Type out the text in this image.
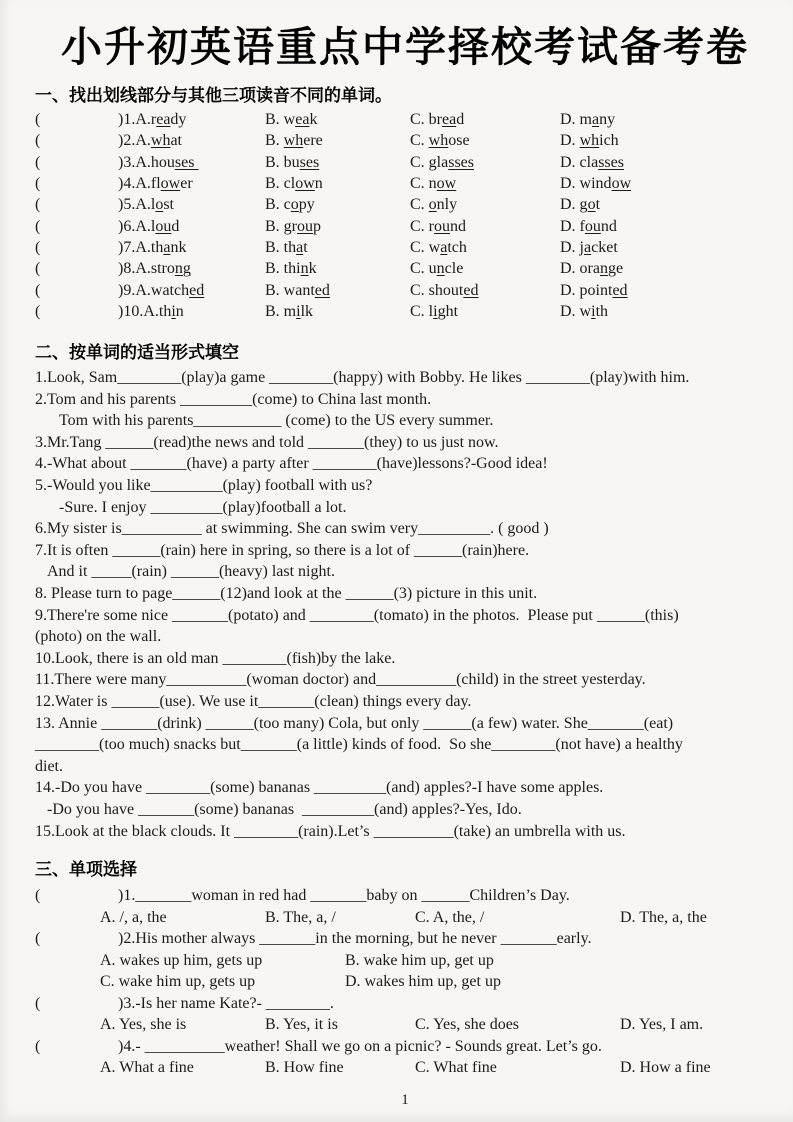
小升初英语重点中学择校考试备考卷
一、找出划线部分与其他三项读音不同的单词。
(	)1.A.ready	B. weak	C. bread	D. many
(	)2.A.what	B. where	C. whose	D. which
(	)3.A.houses	B. buses	C. glasses	D. classes
(	)4.A.flower	B. clown	C. now	D. window
(	)5.A.lost	B. copy	C. only	D. got
(	)6.A.loud	B. group	C. round	D. found
(	)7.A.thank	B. that	C. watch	D. jacket
(	)8.A.strong	B. think	C. uncle	D. orange
(	)9.A.watched	B. wanted	C. shouted	D. pointed
(	)10.A.thin	B. milk	C. light	D. with
二、按单词的适当形式填空

1.Look, Sam________(play)a game ________(happy) with Bobby. He likes ________(play)with him.

2.Tom and his parents _________(come) to China last month.

Tom with his parents___________ (come) to the US every summer.

3.Mr.Tang ______(read)the news and told _______(they) to us just now.

4.-What about _______(have) a party after ________(have)lessons?-Good idea!

5.-Would you like_________(play) football with us?

-Sure. I enjoy _________(play)football a lot.

6.My sister is__________ at swimming. She can swim very_________. ( good )

7.It is often ______(rain) here in spring, so there is a lot of ______(rain)here.

And it _____(rain) ______(heavy) last night.

8. Please turn to page______(12)and look at the ______(3) picture in this unit.

9.There're some nice _______(potato) and ________(tomato) in the photos.  Please put ______(this)

(photo) on the wall.

10.Look, there is an old man ________(fish)by the lake.

11.There were many__________(woman doctor) and__________(child) in the street yesterday.

12.Water is ______(use). We use it_______(clean) things every day.

13. Annie _______(drink) ______(too many) Cola, but only ______(a few) water. She_______(eat)

________(too much) snacks but_______(a little) kinds of food.  So she________(not have) a healthy

diet.

14.-Do you have ________(some) bananas _________(and) apples?-I have some apples.

-Do you have _______(some) bananas  _________(and) apples?-Yes, Ido.

15.Look at the black clouds. It ________(rain).Let’s __________(take) an umbrella with us.

三、单项选择
(	)1._______woman in red had _______baby on ______Children’s Day.
A. /, a, the	B. The, a, /	C. A, the, /	D. The, a, the
(	)2.His mother always _______in the morning, but he never _______early.
A. wakes up him, gets up	B. wake him up, get up
C. wake him up, gets up	D. wakes him up, get up
(	)3.-Is her name Kate?- ________.
A. Yes, she is	B. Yes, it is	C. Yes, she does	D. Yes, I am.
(	)4.- __________weather! Shall we go on a picnic? - Sounds great. Let’s go.
A. What a fine	B. How fine	C. What fine	D. How a fine
1
